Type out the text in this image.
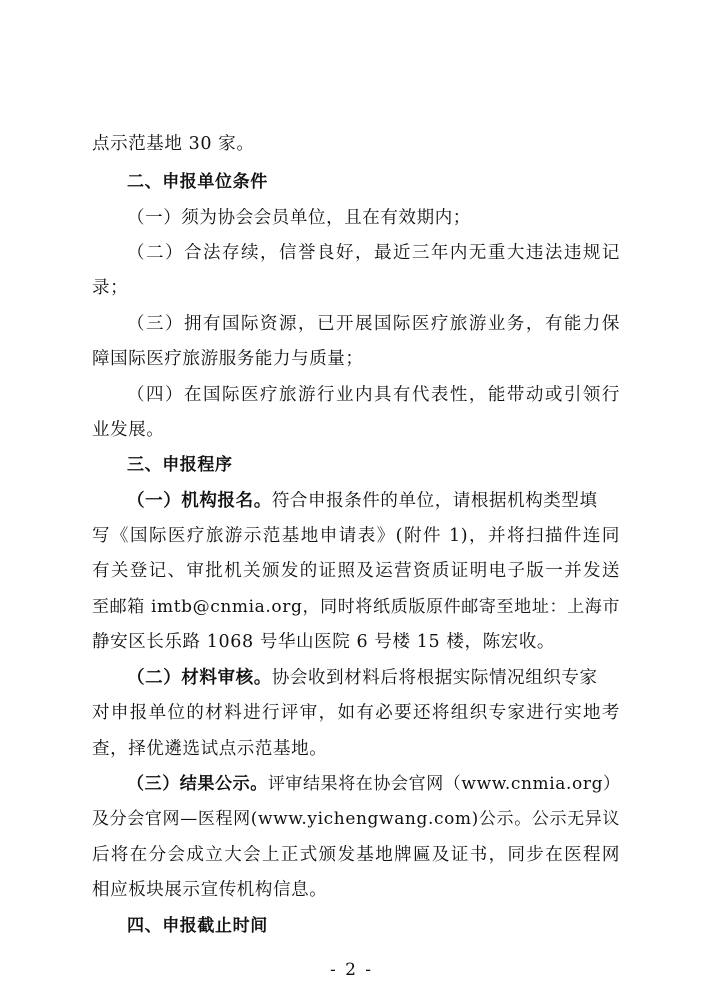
点示范基地 30 家。
二、申报单位条件
（一）须为协会会员单位，且在有效期内；
（二）合法存续，信誉良好，最近三年内无重大违法违规记
录；
（三）拥有国际资源，已开展国际医疗旅游业务，有能力保
障国际医疗旅游服务能力与质量；
（四）在国际医疗旅游行业内具有代表性，能带动或引领行
业发展。
三、申报程序
（一）机构报名。符合申报条件的单位，请根据机构类型填
写《国际医疗旅游示范基地申请表》(附件 1)，并将扫描件连同
有关登记、审批机关颁发的证照及运营资质证明电子版一并发送
至邮箱 imtb@cnmia.org，同时将纸质版原件邮寄至地址：上海市
静安区长乐路 1068 号华山医院 6 号楼 15 楼，陈宏收。
（二）材料审核。协会收到材料后将根据实际情况组织专家
对申报单位的材料进行评审，如有必要还将组织专家进行实地考
查，择优遴选试点示范基地。
（三）结果公示。评审结果将在协会官网（www.cnmia.org）
及分会官网—医程网(www.yichengwang.com)公示。公示无异议
后将在分会成立大会上正式颁发基地牌匾及证书，同步在医程网
相应板块展示宣传机构信息。
四、申报截止时间
- 2 -
